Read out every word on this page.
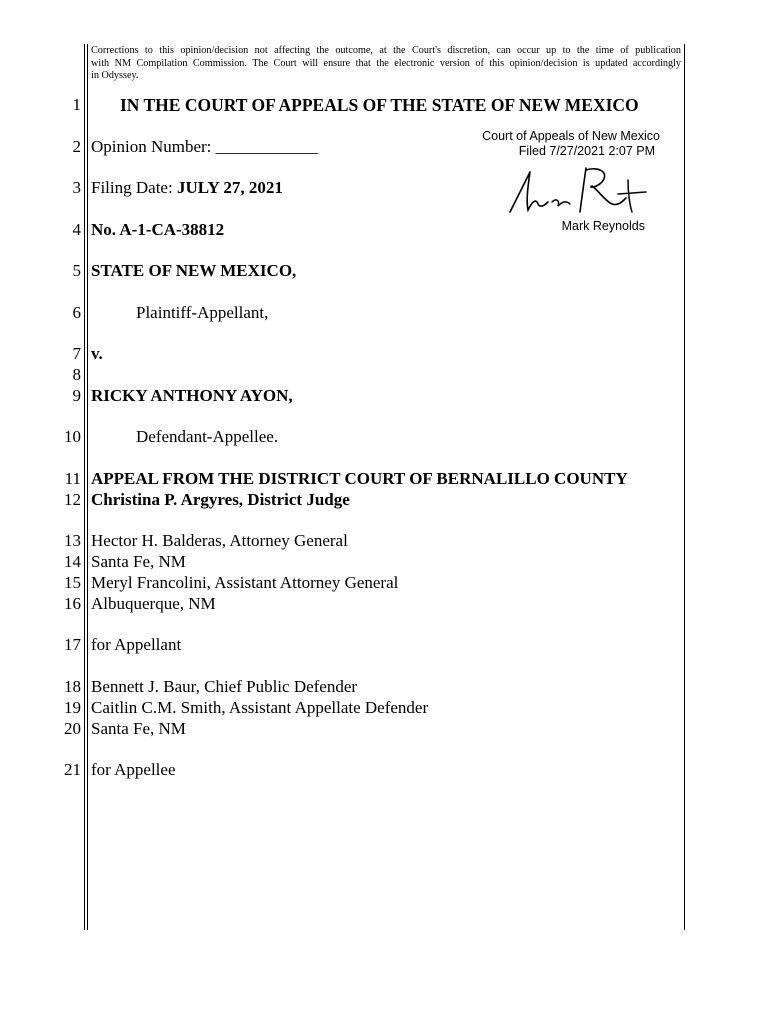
Corrections to this opinion/decision not affecting the outcome, at the Court's discretion, can occur up to the time of publication
with NM Compilation Commission. The Court will ensure that the electronic version of this opinion/decision is updated accordingly
in Odyssey.
Court of Appeals of New Mexico
Filed 7/27/2021 2:07 PM
Mark Reynolds
1
2
3
4
5
6
7
8
9
10
11
12
13
14
15
16
17
18
19
20
21
IN THE COURT OF APPEALS OF THE STATE OF NEW MEXICO
Opinion Number: ____________
Filing Date: JULY 27, 2021
No. A-1-CA-38812
STATE OF NEW MEXICO,
Plaintiff-Appellant,
v.
RICKY ANTHONY AYON,
Defendant-Appellee.
APPEAL FROM THE DISTRICT COURT OF BERNALILLO COUNTY
Christina P. Argyres, District Judge
Hector H. Balderas, Attorney General
Santa Fe, NM
Meryl Francolini, Assistant Attorney General
Albuquerque, NM
for Appellant
Bennett J. Baur, Chief Public Defender
Caitlin C.M. Smith, Assistant Appellate Defender
Santa Fe, NM
for Appellee
